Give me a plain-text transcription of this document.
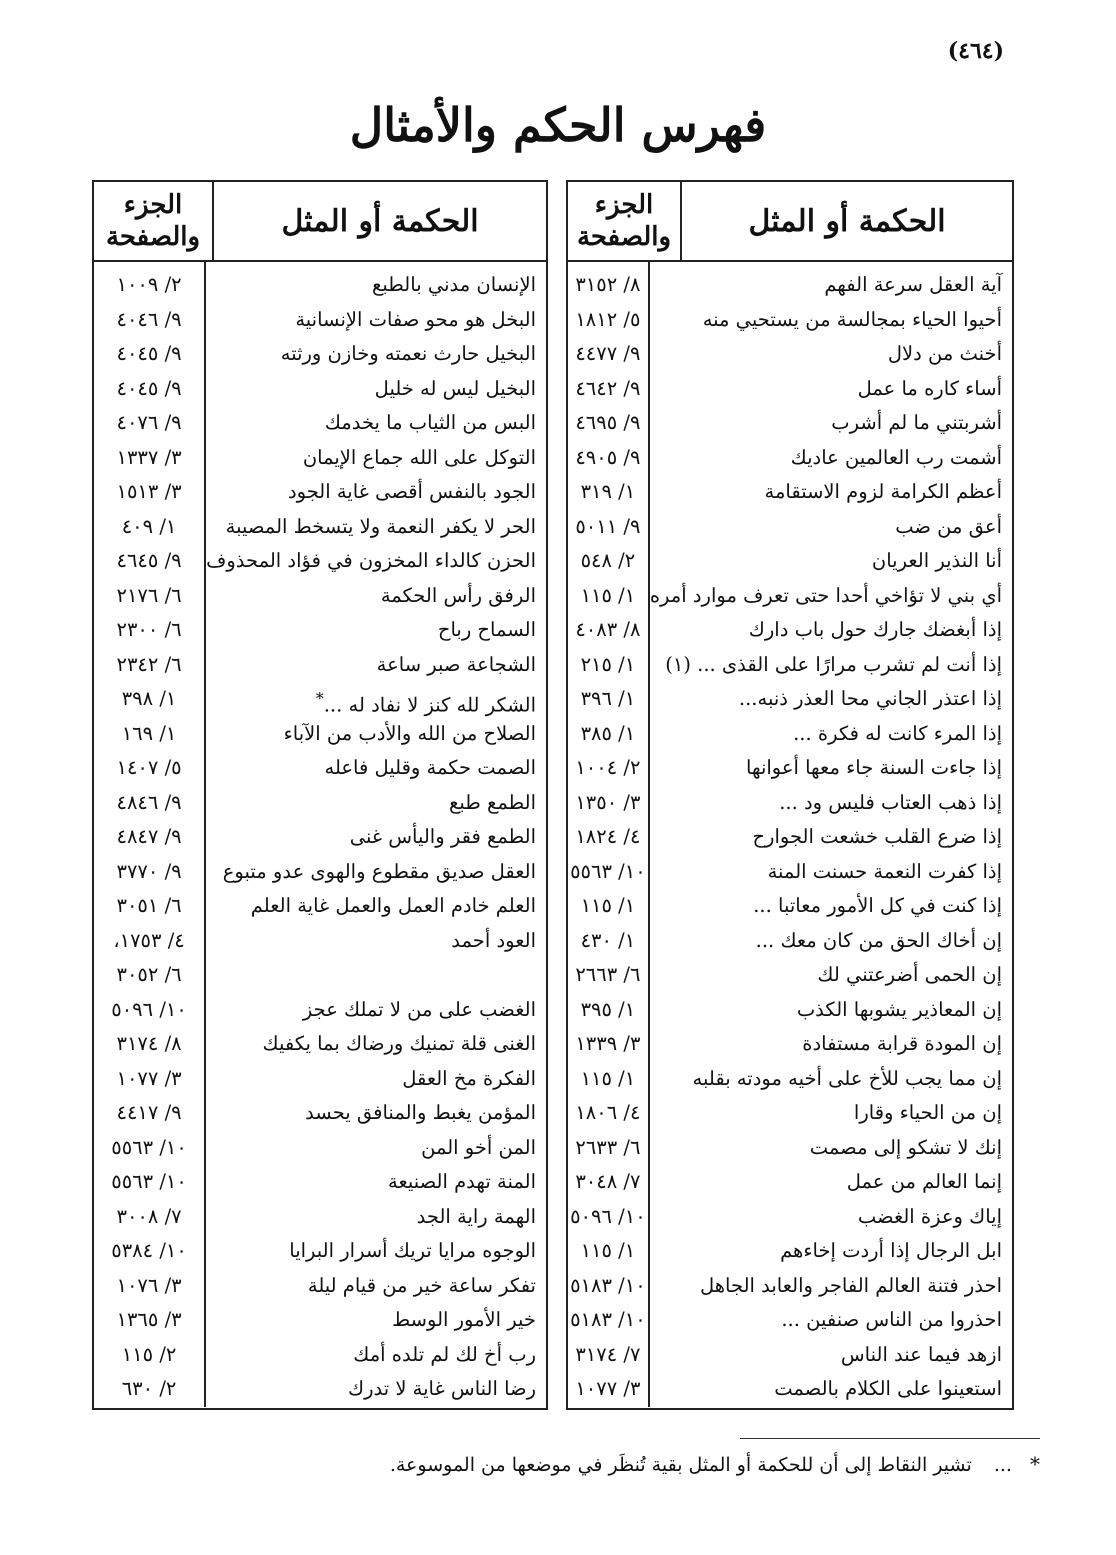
(٤٦٤)
فهرس الحكم والأمثال
الحكمة أو المثل
الجزء
والصفحة
آية العقل سرعة الفهم
أحيوا الحياء بمجالسة من يستحيي منه
أخنث من دلال
أساء كاره ما عمل
أشربتني ما لم أشرب
أشمت رب العالمين عاديك
أعظم الكرامة لزوم الاستقامة
أعق من ضب
أنا النذير العريان
أي بني لا تؤاخي أحدا حتى تعرف موارد أمره
إذا أبغضك جارك حول باب دارك
إذا أنت لم تشرب مرارًا على القذى ... (١)
إذا اعتذر الجاني محا العذر ذنبه...
إذا المرء كانت له فكرة ...
إذا جاءت السنة جاء معها أعوانها
إذا ذهب العتاب فليس ود ...
إذا ضرع القلب خشعت الجوارح
إذا كفرت النعمة حسنت المنة
إذا كنت في كل الأمور معاتبا ...
إن أخاك الحق من كان معك ...
إن الحمى أضرعتني لك
إن المعاذير يشوبها الكذب
إن المودة قرابة مستفادة
إن مما يجب للأخ على أخيه مودته بقلبه
إن من الحياء وقارا
إنك لا تشكو إلى مصمت
إنما العالم من عمل
إياك وعزة الغضب
ابل الرجال إذا أردت إخاءهم
احذر فتنة العالم الفاجر والعابد الجاهل
احذروا من الناس صنفين ...
ازهد فيما عند الناس
استعينوا على الكلام بالصمت
٨/ ٣١٥٢
٥/ ١٨١٢
٩/ ٤٤٧٧
٩/ ٤٦٤٢
٩/ ٤٦٩٥
٩/ ٤٩٠٥
١/ ٣١٩
٩/ ٥٠١١
٢/ ٥٤٨
١/ ١١٥
٨/ ٤٠٨٣
١/ ٢١٥
١/ ٣٩٦
١/ ٣٨٥
٢/ ١٠٠٤
٣/ ١٣٥٠
٤/ ١٨٢٤
١٠/ ٥٥٦٣
١/ ١١٥
١/ ٤٣٠
٦/ ٢٦٦٣
١/ ٣٩٥
٣/ ١٣٣٩
١/ ١١٥
٤/ ١٨٠٦
٦/ ٢٦٣٣
٧/ ٣٠٤٨
١٠/ ٥٠٩٦
١/ ١١٥
١٠/ ٥١٨٣
١٠/ ٥١٨٣
٧/ ٣١٧٤
٣/ ١٠٧٧
الحكمة أو المثل
الجزء
والصفحة
الإنسان مدني بالطبع
البخل هو محو صفات الإنسانية
البخيل حارث نعمته وخازن ورثته
البخيل ليس له خليل
البس من الثياب ما يخدمك
التوكل على الله جماع الإيمان
الجود بالنفس أقصى غاية الجود
الحر لا يكفر النعمة ولا يتسخط المصيبة
الحزن كالداء المخزون في فؤاد المحذوف
الرفق رأس الحكمة
السماح رباح
الشجاعة صبر ساعة
الشكر لله كنز لا نفاد له ...*
الصلاح من الله والأدب من الآباء
الصمت حكمة وقليل فاعله
الطمع طبع
الطمع فقر واليأس غنى
العقل صديق مقطوع والهوى عدو متبوع
العلم خادم العمل والعمل غاية العلم
العود أحمد
الغضب على من لا تملك عجز
الغنى قلة تمنيك ورضاك بما يكفيك
الفكرة مخ العقل
المؤمن يغبط والمنافق يحسد
المن أخو المن
المنة تهدم الصنيعة
الهمة راية الجد
الوجوه مرايا تريك أسرار البرايا
تفكر ساعة خير من قيام ليلة
خير الأمور الوسط
رب أخ لك لم تلده أمك
رضا الناس غاية لا تدرك
٢/ ١٠٠٩
٩/ ٤٠٤٦
٩/ ٤٠٤٥
٩/ ٤٠٤٥
٩/ ٤٠٧٦
٣/ ١٣٣٧
٣/ ١٥١٣
١/ ٤٠٩
٩/ ٤٦٤٥
٦/ ٢١٧٦
٦/ ٢٣٠٠
٦/ ٢٣٤٢
١/ ٣٩٨
١/ ١٦٩
٥/ ١٤٠٧
٩/ ٤٨٤٦
٩/ ٤٨٤٧
٩/ ٣٧٧٠
٦/ ٣٠٥١
٤/ ١٧٥٣،
٦/ ٣٠٥٢
١٠/ ٥٠٩٦
٨/ ٣١٧٤
٣/ ١٠٧٧
٩/ ٤٤١٧
١٠/ ٥٥٦٣
١٠/ ٥٥٦٣
٧/ ٣٠٠٨
١٠/ ٥٣٨٤
٣/ ١٠٧٦
٣/ ١٣٦٥
٢/ ١١٥
٢/ ٦٣٠
* ... تشير النقاط إلى أن للحكمة أو المثل بقية تُنظَر في موضعها من الموسوعة.
